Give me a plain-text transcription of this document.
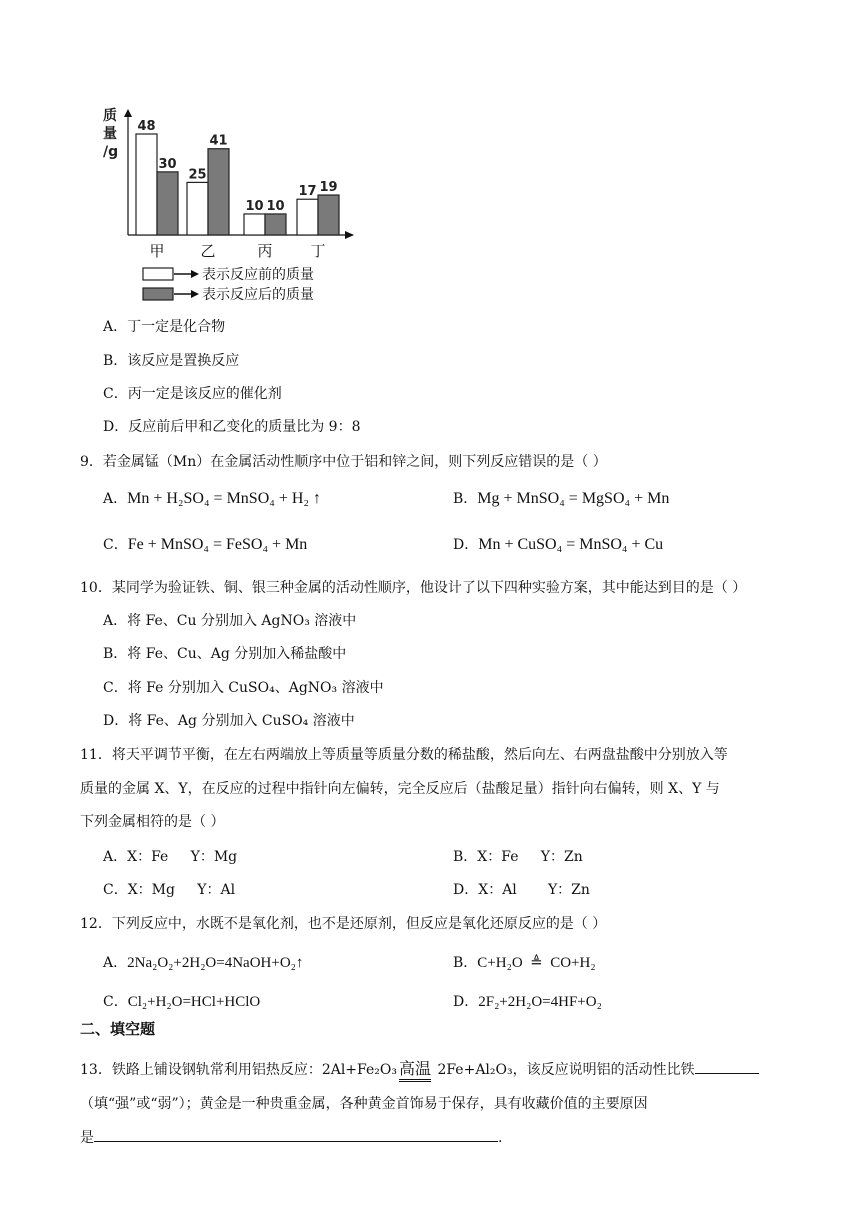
质
量
/g
48
30
甲
25
41
乙
10 10
丙
17 19
丁
表示反应前的质量
表示反应后的质量
A．丁一定是化合物
B．该反应是置换反应
C．丙一定是该反应的催化剂
D．反应前后甲和乙变化的质量比为 9：8
9．若金属锰（Mn）在金属活动性顺序中位于铝和锌之间，则下列反应错误的是（ ）
A．Mn + H₂SO₄ = MnSO₄ + H₂ ↑	B．Mg + MnSO₄ = MgSO₄ + Mn
C．Fe + MnSO₄ = FeSO₄ + Mn	D．Mn + CuSO₄ = MnSO₄ + Cu
10．某同学为验证铁、铜、银三种金属的活动性顺序，他设计了以下四种实验方案，其中能达到目的是（ ）
A．将 Fe、Cu 分别加入 AgNO₃ 溶液中
B．将 Fe、Cu、Ag 分别加入稀盐酸中
C．将 Fe 分别加入 CuSO₄、AgNO₃ 溶液中
D．将 Fe、Ag 分别加入 CuSO₄ 溶液中
11．将天平调节平衡，在左右两端放上等质量等质量分数的稀盐酸，然后向左、右两盘盐酸中分别放入等
质量的金属 X、Y，在反应的过程中指针向左偏转，完全反应后（盐酸足量）指针向右偏转，则 X、Y 与
下列金属相符的是（ ）
A．X：Fe     Y：Mg	B．X：Fe     Y：Zn
C．X：Mg     Y：Al	D．X：Al       Y：Zn
12．下列反应中，水既不是氧化剂，也不是还原剂，但反应是氧化还原反应的是（ ）
A．2Na₂O₂+2H₂O=4NaOH+O₂↑	B．C+H₂O  ≜  CO+H₂
C．Cl₂+H₂O=HCl+HClO	D．2F₂+2H₂O=4HF+O₂
二、填空题
13．铁路上铺设钢轨常利用铝热反应：2Al+Fe₂O₃ 高温 2Fe+Al₂O₃，该反应说明铝的活动性比铁
（填“强”或“弱”）；黄金是一种贵重金属，各种黄金首饰易于保存，具有收藏价值的主要原因
是	.
